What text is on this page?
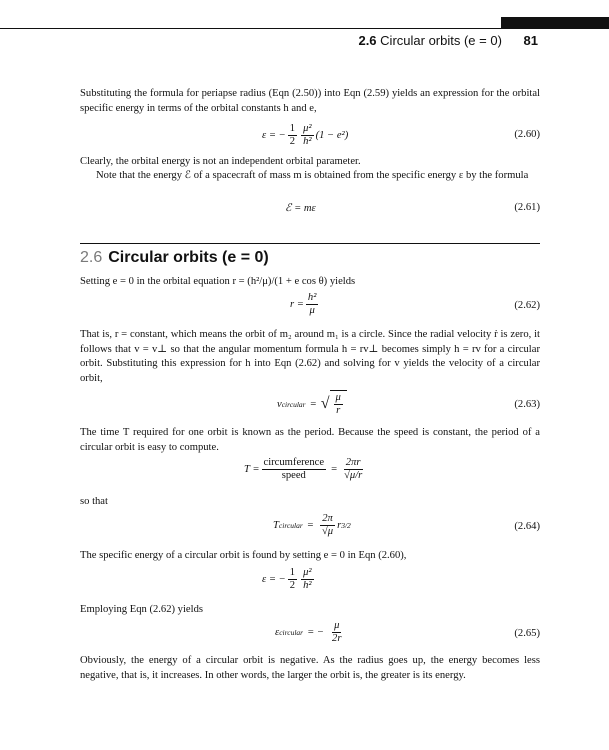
2.6 Circular orbits (e = 0) 81

Substituting the formula for periapse radius (Eqn (2.50)) into Eqn (2.59) yields an expression for the orbital specific energy in terms of the orbital constants h and e,

ε = − $\frac{1}{2} \frac{\text{μ²}}{\text{h²}} (1 - e^2)$	(2.60)

Clearly, the orbital energy is not an independent orbital parameter.

Note that the energy ℰ of a spacecraft of mass m is obtained from the specific energy ε by the formula

ℰ = mε	(2.61)
2.6 Circular orbits (e = 0)

Setting e = 0 in the orbital equation r = (h²/μ)/(1 + e cos θ) yields

$r = \frac{\text{h²}}{\mu}$	(2.62)

That is, r = constant, which means the orbit of m₂ around m₁ is a circle. Since the radial velocity ṙ is zero, it follows that v = v⊥ so that the angular momentum formula h = rv⊥ becomes simply h = rv for a circular orbit. Substituting this expression for h into Eqn (2.62) and solving for v yields the velocity of a circular orbit,

v circular = √ $\frac{\mu}{r}$	(2.63)

The time T required for one orbit is known as the period. Because the speed is constant, the period of a circular orbit is easy to compute.

$T = \frac{\text{circumference}}{\text{speed}} = \frac{2\pi r}{√\mu/r}$

so that

T circular = $\frac{2\pi}{√\mu}$ r 3/2	(2.64)

The specific energy of a circular orbit is found by setting e = 0 in Eqn (2.60),

ε = − $\frac{1}{2} \frac{\text{μ²}}{\text{h²}}$

Employing Eqn (2.62) yields

ε circular = − $\frac{\mu}{2r}$	(2.65)

Obviously, the energy of a circular orbit is negative. As the radius goes up, the energy becomes less negative, that is, it increases. In other words, the larger the orbit is, the greater is its energy.
